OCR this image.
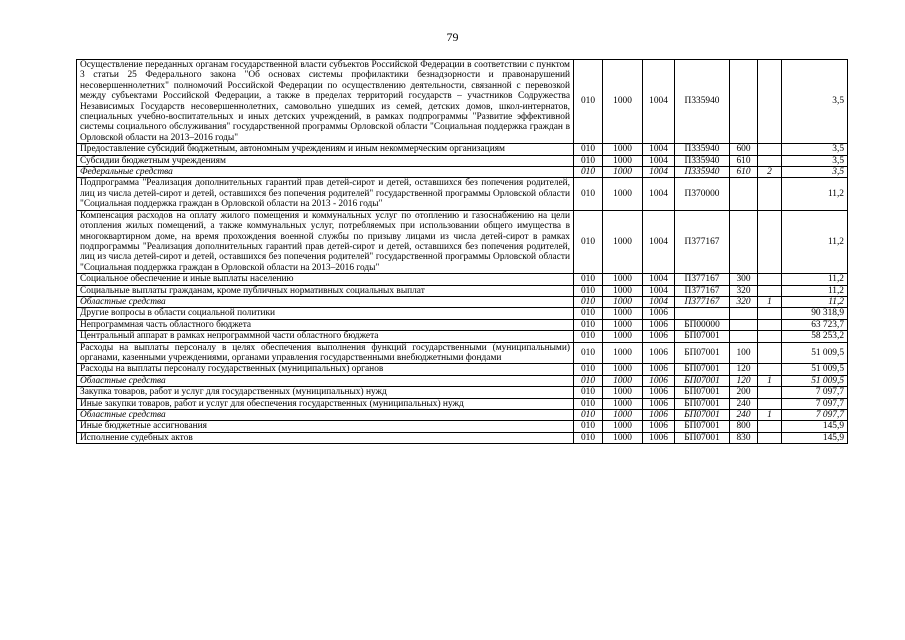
79
Осуществление переданных органам государственной власти субъектов Российской Федерации в соответствии с пунктом 3 статьи 25 Федерального закона "Об основах системы профилактики безнадзорности и правонарушений несовершеннолетних" полномочий Российской Федерации по осуществлению деятельности, связанной с перевозкой между субъектами Российской Федерации, а также в пределах территорий государств – участников Содружества Независимых Государств несовершеннолетних, самовольно ушедших из семей, детских домов, школ-интернатов, специальных учебно-воспитательных и иных детских учреждений, в рамках подпрограммы "Развитие эффективной системы социального обслуживания" государственной программы Орловской области "Социальная поддержка граждан в Орловской области на 2013–2016 годы"	010	1000	1004	П335940			3,5
Предоставление субсидий бюджетным, автономным учреждениям и иным некоммерческим организациям	010	1000	1004	П335940	600		3,5
Субсидии бюджетным учреждениям	010	1000	1004	П335940	610		3,5
Федеральные средства	010	1000	1004	П335940	610	2	3,5
Подпрограмма "Реализация дополнительных гарантий прав детей-сирот и детей, оставшихся без попечения родителей, лиц из числа детей-сирот и детей, оставшихся без попечения родителей" государственной программы Орловской области "Социальная поддержка граждан в Орловской области на 2013 - 2016 годы"	010	1000	1004	П370000			11,2
Компенсация расходов на оплату жилого помещения и коммунальных услуг по отоплению и газоснабжению на цели отопления жилых помещений, а также коммунальных услуг, потребляемых при использовании общего имущества в многоквартирном доме, на время прохождения военной службы по призыву лицами из числа детей-сирот в рамках подпрограммы "Реализация дополнительных гарантий прав детей-сирот и детей, оставшихся без попечения родителей, лиц из числа детей-сирот и детей, оставшихся без попечения родителей" государственной программы Орловской области "Социальная поддержка граждан в Орловской области на 2013–2016 годы"	010	1000	1004	П377167			11,2
Социальное обеспечение и иные выплаты населению	010	1000	1004	П377167	300		11,2
Социальные выплаты гражданам, кроме публичных нормативных социальных выплат	010	1000	1004	П377167	320		11,2
Областные средства	010	1000	1004	П377167	320	1	11,2
Другие вопросы в области социальной политики	010	1000	1006				90 318,9
Непрограммная часть областного бюджета	010	1000	1006	БП00000			63 723,7
Центральный аппарат в рамках непрограммной части областного бюджета	010	1000	1006	БП07001			58 253,2
Расходы на выплаты персоналу в целях обеспечения выполнения функций государственными (муниципальными) органами, казенными учреждениями, органами управления государственными внебюджетными фондами	010	1000	1006	БП07001	100		51 009,5
Расходы на выплаты персоналу государственных (муниципальных) органов	010	1000	1006	БП07001	120		51 009,5
Областные средства	010	1000	1006	БП07001	120	1	51 009,5
Закупка товаров, работ и услуг для государственных (муниципальных) нужд	010	1000	1006	БП07001	200		7 097,7
Иные закупки товаров, работ и услуг для обеспечения государственных (муниципальных) нужд	010	1000	1006	БП07001	240		7 097,7
Областные средства	010	1000	1006	БП07001	240	1	7 097,7
Иные бюджетные ассигнования	010	1000	1006	БП07001	800		145,9
Исполнение судебных актов	010	1000	1006	БП07001	830		145,9
